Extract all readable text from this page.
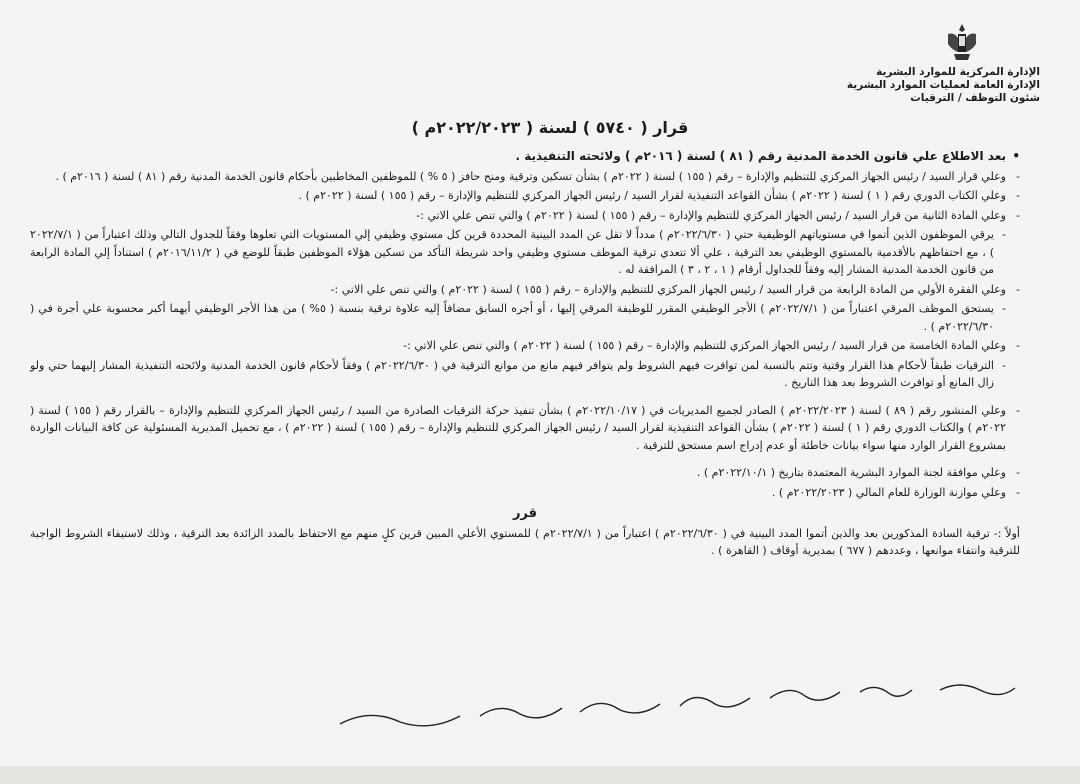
الإدارة المركزية للموارد البشرية
الإدارة العامة لعمليات الموارد البشرية
شئون التوظف / الترقيات
قرار ( ٥٧٤٠ ) لسنة ( ٢٠٢٢/٢٠٢٣م )

• بعد الاطلاع علي قانون الخدمة المدنية رقم ( ٨١ ) لسنة ( ٢٠١٦م ) ولائحته التنفيذية .

- وعلي قرار السيد / رئيس الجهاز المركزي للتنظيم والإدارة – رقم ( ١٥٥ ) لسنة ( ٢٠٢٢م ) بشأن تسكين وترقية ومنح حافز ( ٥ % ) للموظفين المخاطبين بأحكام قانون الخدمة المدنية رقم ( ٨١ ) لسنة ( ٢٠١٦م ) .

- وعلي الكتاب الدوري رقم ( ١ ) لسنة ( ٢٠٢٢م ) بشأن القواعد التنفيذية لقرار السيد / رئيس الجهاز المركزي للتنظيم والإدارة – رقم ( ١٥٥ ) لسنة ( ٢٠٢٢م ) .

- وعلي المادة الثانية من قرار السيد / رئيس الجهاز المركزي للتنظيم والإدارة – رقم ( ١٥٥ ) لسنة ( ٢٠٢٢م ) والتي تنص علي الاتي :-

- يرقي الموظفون الذين أتموا في مستوياتهم الوظيفية حتي ( ٢٠٢٢/٦/٣٠م ) مدداً لا تقل عن المدد البينية المحددة قرين كل مستوي وظيفي إلي المستويات التي تعلوها وفقاً للجدول التالي وذلك اعتباراً من ( ٢٠٢٢/٧/١ ) ، مع احتفاظهم بالأقدمية بالمستوي الوظيفي بعد الترقية ، علي ألا تتعدي ترقية الموظف مستوي وظيفي واحد شريطة التأكد من تسكين هؤلاء الموظفين طبقاً للوضع في ( ٢٠١٦/١١/٢م ) استناداً إلي المادة الرابعة من قانون الخدمة المدنية المشار إليه وفقاً للجداول أرقام ( ١ ، ٢ ، ٣ ) المرافقة له .

- وعلي الفقرة الأولي من المادة الرابعة من قرار السيد / رئيس الجهاز المركزي للتنظيم والإدارة – رقم ( ١٥٥ ) لسنة ( ٢٠٢٢م ) والتي تنص علي الاتي :-

- يستحق الموظف المرقي اعتباراً من ( ٢٠٢٢/٧/١م ) الأجر الوظيفي المقرر للوظيفة المرقي إليها ، أو أجره السابق مضافاً إليه علاوة ترقية بنسبة ( ٥% ) من هذا الأجر الوظيفي أيهما أكبر محسوبة علي أجرة في ( ٢٠٢٢/٦/٣٠م ) .

- وعلي المادة الخامسة من قرار السيد / رئيس الجهاز المركزي للتنظيم والإدارة – رقم ( ١٥٥ ) لسنة ( ٢٠٢٢م ) والتي تنص علي الاتي :-

- الترقيات طبقاً لأحكام هذا القرار وقتية وتتم بالنسبة لمن توافرت فيهم الشروط ولم يتوافر فيهم مانع من موانع الترقية في ( ٢٠٢٢/٦/٣٠م ) وفقاً لأحكام قانون الخدمة المدنية ولائحته التنفيذية المشار إليهما حتي ولو زال المانع أو توافرت الشروط بعد هذا التاريخ .

- وعلي المنشور رقم ( ٨٩ ) لسنة ( ٢٠٢٢/٢٠٢٣م ) الصادر لجميع المديريات في ( ٢٠٢٢/١٠/١٧م ) بشأن تنفيذ حركة الترقيات الصادرة من السيد / رئيس الجهاز المركزي للتنظيم والإدارة – بالقرار رقم ( ١٥٥ ) لسنة ( ٢٠٢٢م ) والكتاب الدوري رقم ( ١ ) لسنة ( ٢٠٢٢م ) بشأن القواعد التنفيذية لقرار السيد / رئيس الجهاز المركزي للتنظيم والإدارة – رقم ( ١٥٥ ) لسنة ( ٢٠٢٢م ) ، مع تحميل المديرية المسئولية عن كافة البيانات الواردة بمشروع القرار الوارد منها سواء بيانات خاطئة أو عدم إدراج اسم مستحق للترقية .

- وعلي موافقة لجنة الموارد البشرية المعتمدة بتاريخ ( ٢٠٢٢/١٠/١م ) .

- وعلي موازنة الوزارة للعام المالي ( ٢٠٢٢/٢٠٢٣م ) .

قرر

أولاً :- ترقية السادة المذكورين بعد والذين أتموا المدد البينية في ( ٢٠٢٢/٦/٣٠م ) اعتباراً من ( ٢٠٢٢/٧/١م ) للمستوي الأعلي المبين قرين كلٍ منهم مع الاحتفاظ بالمدد الزائدة بعد الترقية ، وذلك لاستيفاء الشروط الواجبة للترقية وانتفاء موانعها ، وعددهم ( ٦٧٧ ) بمديرية أوقاف ( القاهرة ) .
